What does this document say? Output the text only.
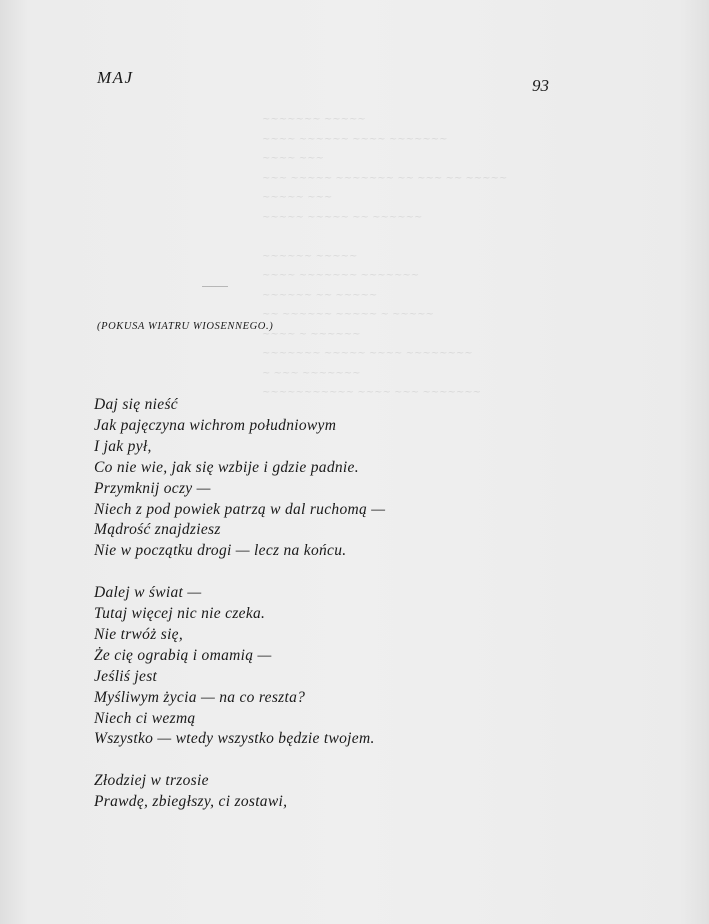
~~~~~~~ ~~~~~
~~~~ ~~~~~~ ~~~~ ~~~~~~~
~~~~ ~~~
~~~ ~~~~~ ~~~~~~~ ~~ ~~~ ~~ ~~~~~
~~~~~ ~~~
~~~~~ ~~~~~ ~~ ~~~~~~

~~~~~~ ~~~~~
~~~~ ~~~~~~~ ~~~~~~~
~~~~~~ ~~ ~~~~~
~~ ~~~~~~ ~~~~~ ~ ~~~~~
~~~~ ~ ~~~~~~
~~~~~~~ ~~~~~ ~~~~ ~~~~~~~~
~ ~~~ ~~~~~~~
~~~~~~~~~~~ ~~~~ ~~~ ~~~~~~~
MAJ	93
(POKUSA WIATRU WIOSENNEGO.)
Daj się nieść
Jak pajęczyna wichrom południowym
I jak pył,
Co nie wie, jak się wzbije i gdzie padnie.
Przymknij oczy —
Niech z pod powiek patrzą w dal ruchomą —
Mądrość znajdziesz
Nie w początku drogi — lecz na końcu.
Dalej w świat —
Tutaj więcej nic nie czeka.
Nie trwóż się,
Że cię ograbią i omamią —
Jeśliś jest
Myśliwym życia — na co reszta?
Niech ci wezmą
Wszystko — wtedy wszystko będzie twojem.
Złodziej w trzosie
Prawdę, zbiegłszy, ci zostawi,
